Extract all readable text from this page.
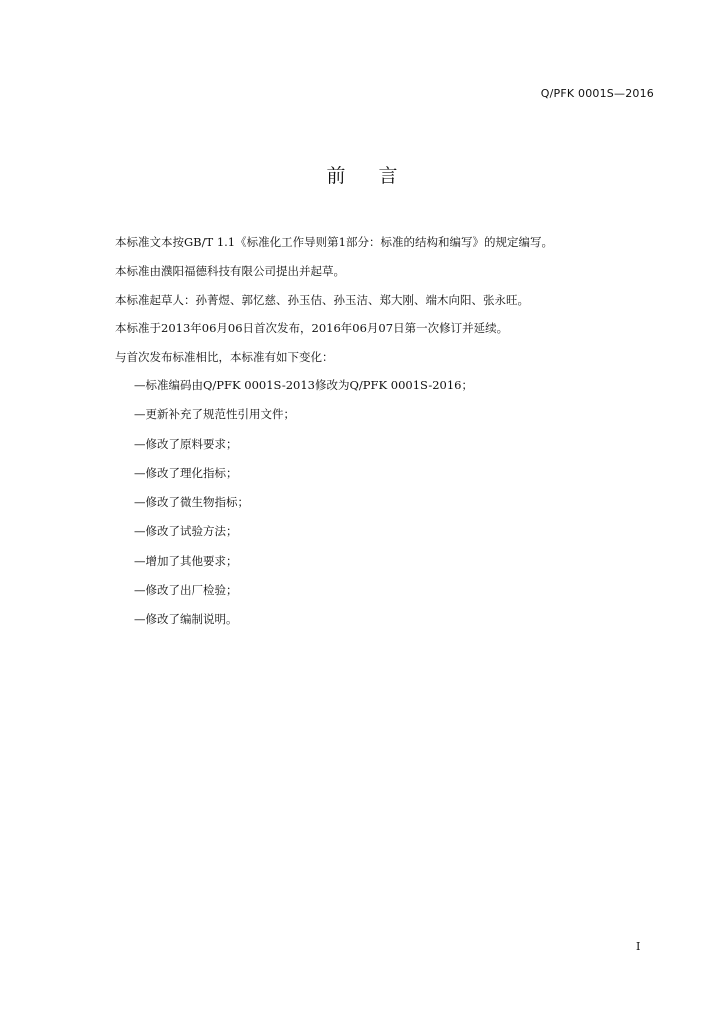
Q/PFK 0001S—2016
前言
本标准文本按GB/T 1.1《标准化工作导则第1部分：标准的结构和编写》的规定编写。
本标准由濮阳福德科技有限公司提出并起草。
本标准起草人：孙菁煜、郭忆慈、孙玉佶、孙玉洁、郑大刚、端木向阳、张永旺。
本标准于2013年06月06日首次发布，2016年06月07日第一次修订并延续。
与首次发布标准相比，本标准有如下变化：
—标准编码由Q/PFK 0001S-2013修改为Q/PFK 0001S-2016；
—更新补充了规范性引用文件；
—修改了原料要求；
—修改了理化指标；
—修改了微生物指标；
—修改了试验方法；
—增加了其他要求；
—修改了出厂检验；
—修改了编制说明。
I
